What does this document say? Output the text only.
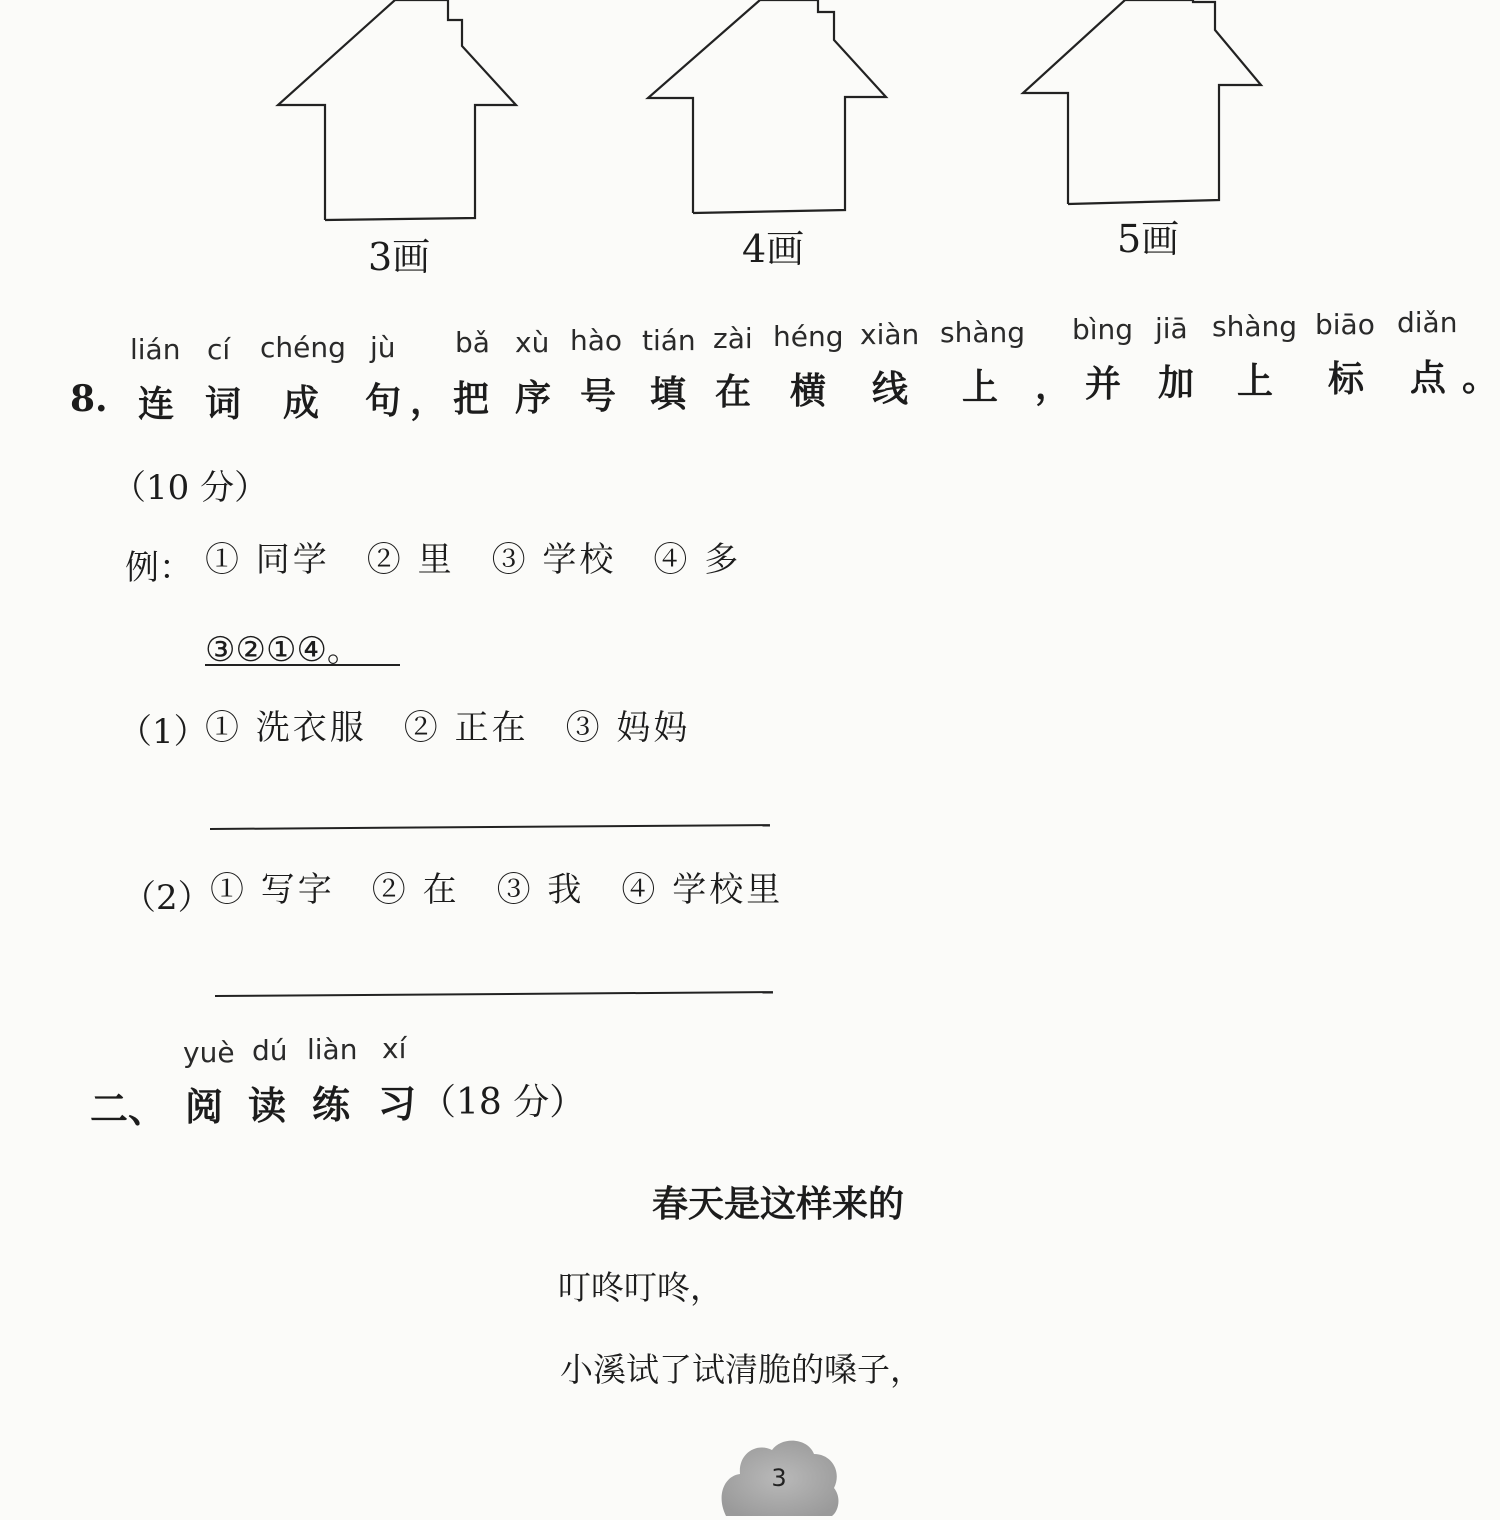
3画	4画	5画
lián cí chéng jù bǎ xù hào tián zài héng xiàn shàng bìng jiā shàng biāo diǎn
8. 连 词 成 句 ， 把 序 号 填 在 横 线 上 ， 并 加 上 标 点 。
（10 分）
例： ① 同学　② 里　③ 学校　④ 多
③②①④。
（1）
① 洗衣服　② 正在　③ 妈妈
（2）
① 写字　② 在　③ 我　④ 学校里
yuè dú liàn xí
二、 阅 读 练 习 （18 分）
春天是这样来的
叮咚叮咚，
小溪试了试清脆的嗓子，
3
